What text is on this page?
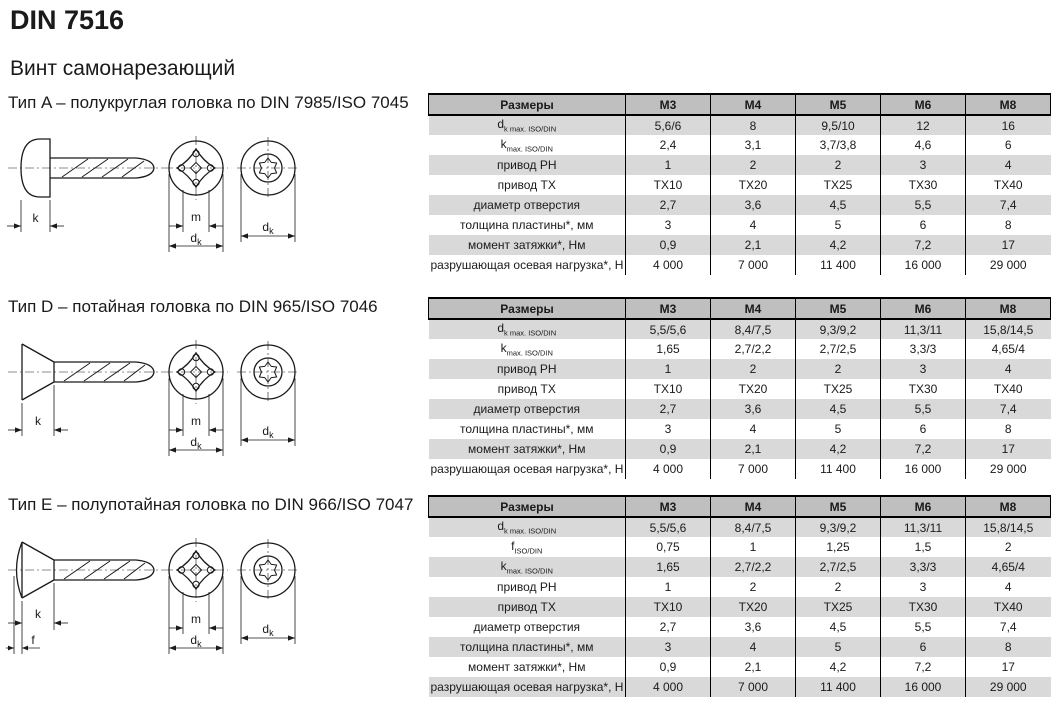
DIN 7516
Винт самонарезающий
Тип A – полукруглая головка по DIN 7985/ISO 7045
k	m
$d_k$
$d_k$
Размеры	M3	M4	M5	M6	M8
$d_{k max. ISO/DIN}$	5,6/6	8	9,5/10	12	16
$k_{max. ISO/DIN}$	2,4	3,1	3,7/3,8	4,6	6
привод PH	1	2	2	3	4
привод TX	TX10	TX20	TX25	TX30	TX40
диаметр отверстия	2,7	3,6	4,5	5,5	7,4
толщина пластины*, мм	3	4	5	6	8
момент затяжки*, Нм	0,9	2,1	4,2	7,2	17
разрушающая осевая нагрузка*, Н	4 000	7 000	11 400	16 000	29 000
Тип D – потайная головка по DIN 965/ISO 7046
k	m
$d_k$
$d_k$
Размеры	M3	M4	M5	M6	M8
$d_{k max. ISO/DIN}$	5,5/5,6	8,4/7,5	9,3/9,2	11,3/11	15,8/14,5
$k_{max. ISO/DIN}$	1,65	2,7/2,2	2,7/2,5	3,3/3	4,65/4
привод PH	1	2	2	3	4
привод TX	TX10	TX20	TX25	TX30	TX40
диаметр отверстия	2,7	3,6	4,5	5,5	7,4
толщина пластины*, мм	3	4	5	6	8
момент затяжки*, Нм	0,9	2,1	4,2	7,2	17
разрушающая осевая нагрузка*, Н	4 000	7 000	11 400	16 000	29 000
Тип E – полупотайная головка по DIN 966/ISO 7047
k
f
m
$d_k$
$d_k$
Размеры	M3	M4	M5	M6	M8
$d_{k max. ISO/DIN}$	5,5/5,6	8,4/7,5	9,3/9,2	11,3/11	15,8/14,5
$f_{ISO/DIN}$	0,75	1	1,25	1,5	2
$k_{max. ISO/DIN}$	1,65	2,7/2,2	2,7/2,5	3,3/3	4,65/4
привод PH	1	2	2	3	4
привод TX	TX10	TX20	TX25	TX30	TX40
диаметр отверстия	2,7	3,6	4,5	5,5	7,4
толщина пластины*, мм	3	4	5	6	8
момент затяжки*, Нм	0,9	2,1	4,2	7,2	17
разрушающая осевая нагрузка*, Н	4 000	7 000	11 400	16 000	29 000
